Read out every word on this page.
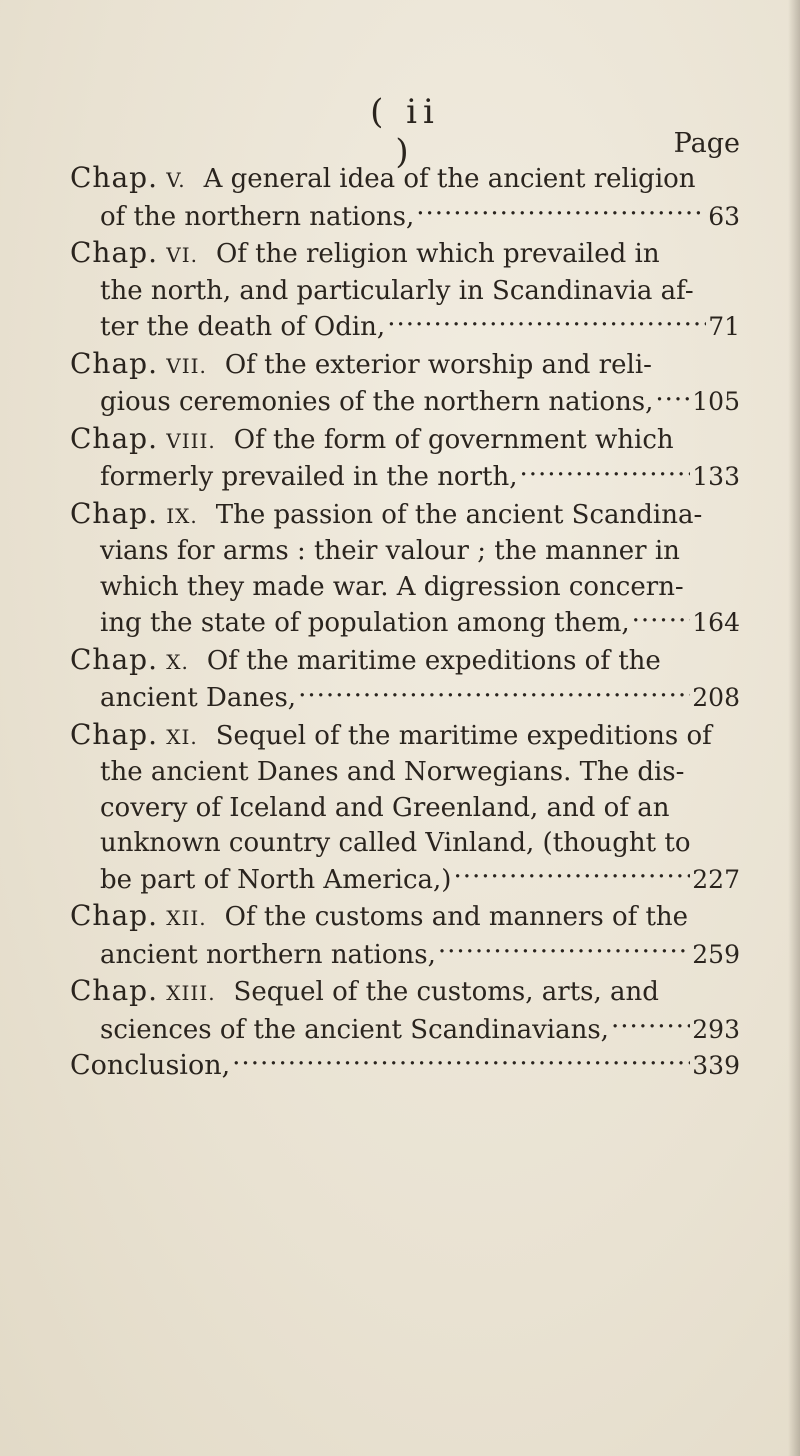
( ii )	Page
Chap.
V. A general idea of the ancient religion
of the northern nations, .....	63
Chap.
VI. Of the religion which prevailed in
the north, and particularly in Scandinavia af-
ter the death of Odin, .....	71
Chap.
VII. Of the exterior worship and reli-
gious ceremonies of the northern nations, ..... 105
Chap.
VIII. Of the form of government which
formerly prevailed in the north, .....	133
Chap.
IX. The passion of the ancient Scandina-
vians for arms : their valour ; the manner in
which they made war. A digression concern-
ing the state of population among them, .....	164
Chap.
X. Of the maritime expeditions of the
ancient Danes, .....	208
Chap.
XI. Sequel of the maritime expeditions of
the ancient Danes and Norwegians. The dis-
covery of Iceland and Greenland, and of an
unknown country called Vinland, (thought to
be part of North America,) .....	227
Chap.
XII. Of the customs and manners of the
ancient northern nations, .....	259
Chap.
XIII. Sequel of the customs, arts, and
sciences of the ancient Scandinavians, .....	293
Conclusion, .....	339
